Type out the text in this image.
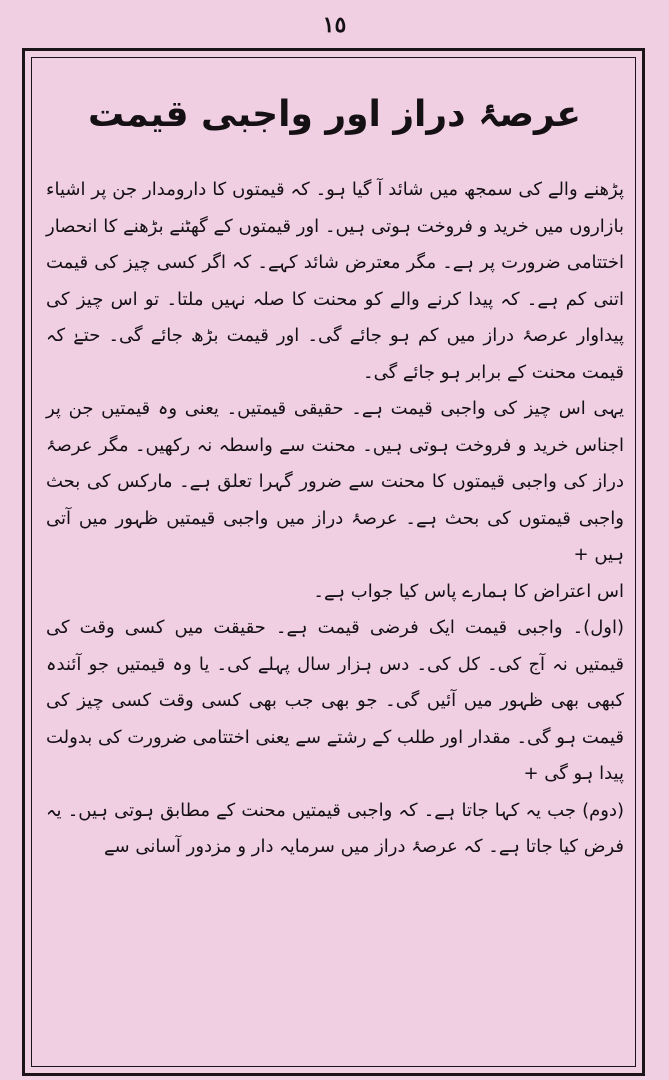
١٥
عرصۂ دراز اور واجبی قیمت

پڑھنے والے کی سمجھ میں شائد آ گیا ہو۔ کہ قیمتوں کا دارومدار جن پر اشیاء بازاروں میں خرید و فروخت ہوتی ہیں۔ اور قیمتوں کے گھٹنے بڑھنے کا انحصار اختتامی ضرورت پر ہے۔ مگر معترض شائد کہے۔ کہ اگر کسی چیز کی قیمت اتنی کم ہے۔ کہ پیدا کرنے والے کو محنت کا صلہ نہیں ملتا۔ تو اس چیز کی پیداوار عرصۂ دراز میں کم ہو جائے گی۔ اور قیمت بڑھ جائے گی۔ حتےٰ کہ قیمت محنت کے برابر ہو جائے گی۔

یہی اس چیز کی واجبی قیمت ہے۔ حقیقی قیمتیں۔ یعنی وہ قیمتیں جن پر اجناس خرید و فروخت ہوتی ہیں۔ محنت سے واسطہ نہ رکھیں۔ مگر عرصۂ دراز کی واجبی قیمتوں کا محنت سے ضرور گہرا تعلق ہے۔ مارکس کی بحث واجبی قیمتوں کی بحث ہے۔ عرصۂ دراز میں واجبی قیمتیں ظہور میں آتی ہیں +

اس اعتراض کا ہمارے پاس کیا جواب ہے۔

(اول)۔ واجبی قیمت ایک فرضی قیمت ہے۔ حقیقت میں کسی وقت کی قیمتیں نہ آج کی۔ کل کی۔ دس ہزار سال پہلے کی۔ یا وہ قیمتیں جو آئندہ کبھی بھی ظہور میں آئیں گی۔ جو بھی جب بھی کسی وقت کسی چیز کی قیمت ہو گی۔ مقدار اور طلب کے رشتے سے یعنی اختتامی ضرورت کی بدولت پیدا ہو گی +

(دوم) جب یہ کہا جاتا ہے۔ کہ واجبی قیمتیں محنت کے مطابق ہوتی ہیں۔ یہ فرض کیا جاتا ہے۔ کہ عرصۂ دراز میں سرمایہ دار و مزدور آسانی سے
